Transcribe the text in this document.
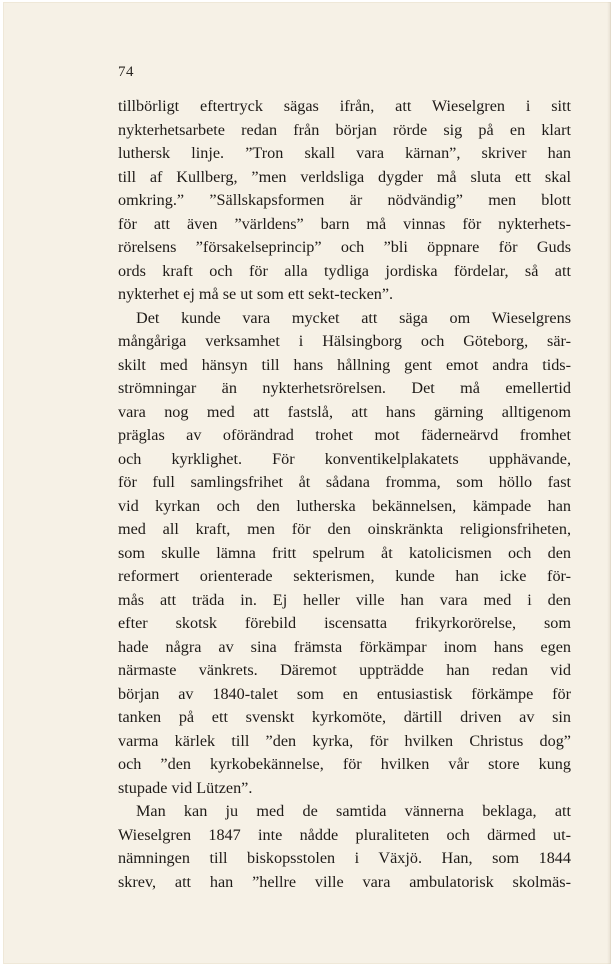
74
tillbörligt eftertryck sägas ifrån, att Wieselgren i sitt
nykterhetsarbete redan från början rörde sig på en klart
luthersk linje. ”Tron skall vara kärnan”, skriver han
till af Kullberg, ”men verldsliga dygder må sluta ett skal
omkring.” ”Sällskapsformen är nödvändig” men blott
för att även ”världens” barn må vinnas för nykterhets-
rörelsens ”försakelseprincip” och ”bli öppnare för Guds
ords kraft och för alla tydliga jordiska fördelar, så att
nykterhet ej må se ut som ett sekt-tecken”.
Det kunde vara mycket att säga om Wieselgrens
mångåriga verksamhet i Hälsingborg och Göteborg, sär-
skilt med hänsyn till hans hållning gent emot andra tids-
strömningar än nykterhetsrörelsen. Det må emellertid
vara nog med att fastslå, att hans gärning alltigenom
präglas av oförändrad trohet mot fäderneärvd fromhet
och kyrklighet. För konventikelplakatets upphävande,
för full samlingsfrihet åt sådana fromma, som höllo fast
vid kyrkan och den lutherska bekännelsen, kämpade han
med all kraft, men för den oinskränkta religionsfriheten,
som skulle lämna fritt spelrum åt katolicismen och den
reformert orienterade sekterismen, kunde han icke för-
mås att träda in. Ej heller ville han vara med i den
efter skotsk förebild iscensatta frikyrkorörelse, som
hade några av sina främsta förkämpar inom hans egen
närmaste vänkrets. Däremot uppträdde han redan vid
början av 1840-talet som en entusiastisk förkämpe för
tanken på ett svenskt kyrkomöte, därtill driven av sin
varma kärlek till ”den kyrka, för hvilken Christus dog”
och ”den kyrkobekännelse, för hvilken vår store kung
stupade vid Lützen”.
Man kan ju med de samtida vännerna beklaga, att
Wieselgren 1847 inte nådde pluraliteten och därmed ut-
nämningen till biskopsstolen i Växjö. Han, som 1844
skrev, att han ”hellre ville vara ambulatorisk skolmäs-
